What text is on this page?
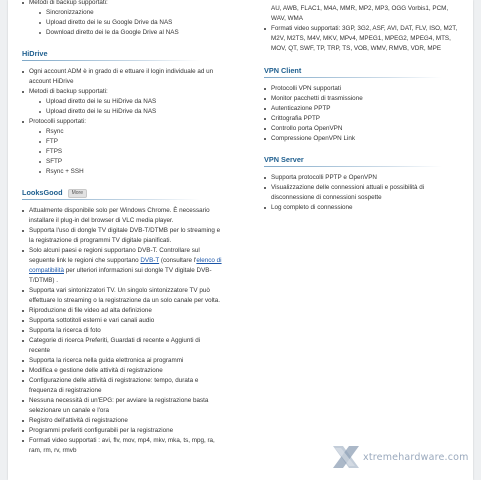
Metodi di backup supportati:
Sincronizzazione
Upload diretto dei le su Google Drive da NAS
Download diretto dei le da Google Drive al NAS
HiDrive
Ogni account ADM è in grado di e ettuare il login individuale ad un account HiDrive
Metodi di backup supportati:
Upload diretto dei le su HiDrive da NAS
Upload diretto dei le su HiDrive da NAS
Protocolli supportati:
Rsync
FTP
FTPS
SFTP
Rsync + SSH
LooksGood More
Attualmente disponibile solo per Windows Chrome. È necessario installare il plug-in del browser di VLC media player.
Supporta l'uso di dongle TV digitale DVB-T/DTMB per lo streaming e la registrazione di programmi TV digitale pianificati.
Solo alcuni paesi e regioni supportano DVB-T. Controllare sul seguente link le regioni che supportano DVB-T (consultare l'elenco di compatibilità per ulteriori informazioni sui dongle TV digitale DVB-T/DTMB) .
Supporta vari sintonizzatori TV. Un singolo sintonizzatore TV può effettuare lo streaming o la registrazione da un solo canale per volta.
Riproduzione di file video ad alta definizione
Supporta sottotitoli esterni e vari canali audio
Supporta la ricerca di foto
Categorie di ricerca Preferiti, Guardati di recente e Aggiunti di recente
Supporta la ricerca nella guida elettronica ai programmi
Modifica e gestione delle attività di registrazione
Configurazione delle attività di registrazione: tempo, durata e frequenza di registrazione
Nessuna necessità di un'EPG: per avviare la registrazione basta selezionare un canale e l'ora
Registro dell'attività di registrazione
Programmi preferiti configurabili per la registrazione
Formati video supportati : avi, flv, mov, mp4, mkv, mka, ts, mpg, ra, ram, rm, rv, rmvb
AU, AWB, FLAC1, M4A, MMR, MP2, MP3, OGG Vorbis1, PCM, WAV, WMA
Formati video supportati: 3GP, 3G2, ASF, AVI, DAT, FLV, ISO, M2T, M2V, M2TS, M4V, MKV, MPv4, MPEG1, MPEG2, MPEG4, MTS, MOV, QT, SWF, TP, TRP, TS, VOB, WMV, RMVB, VDR, MPE
VPN Client
Protocolli VPN supportati
Monitor pacchetti di trasmissione
Autenticazione PPTP
Crittografia PPTP
Controllo porta OpenVPN
Compressione OpenVPN Link
VPN Server
Supporta protocolli PPTP e OpenVPN
Visualizzazione delle connessioni attuali e possibilità di disconnessione di connessioni sospette
Log completo di connessione
xtremehardware.com
